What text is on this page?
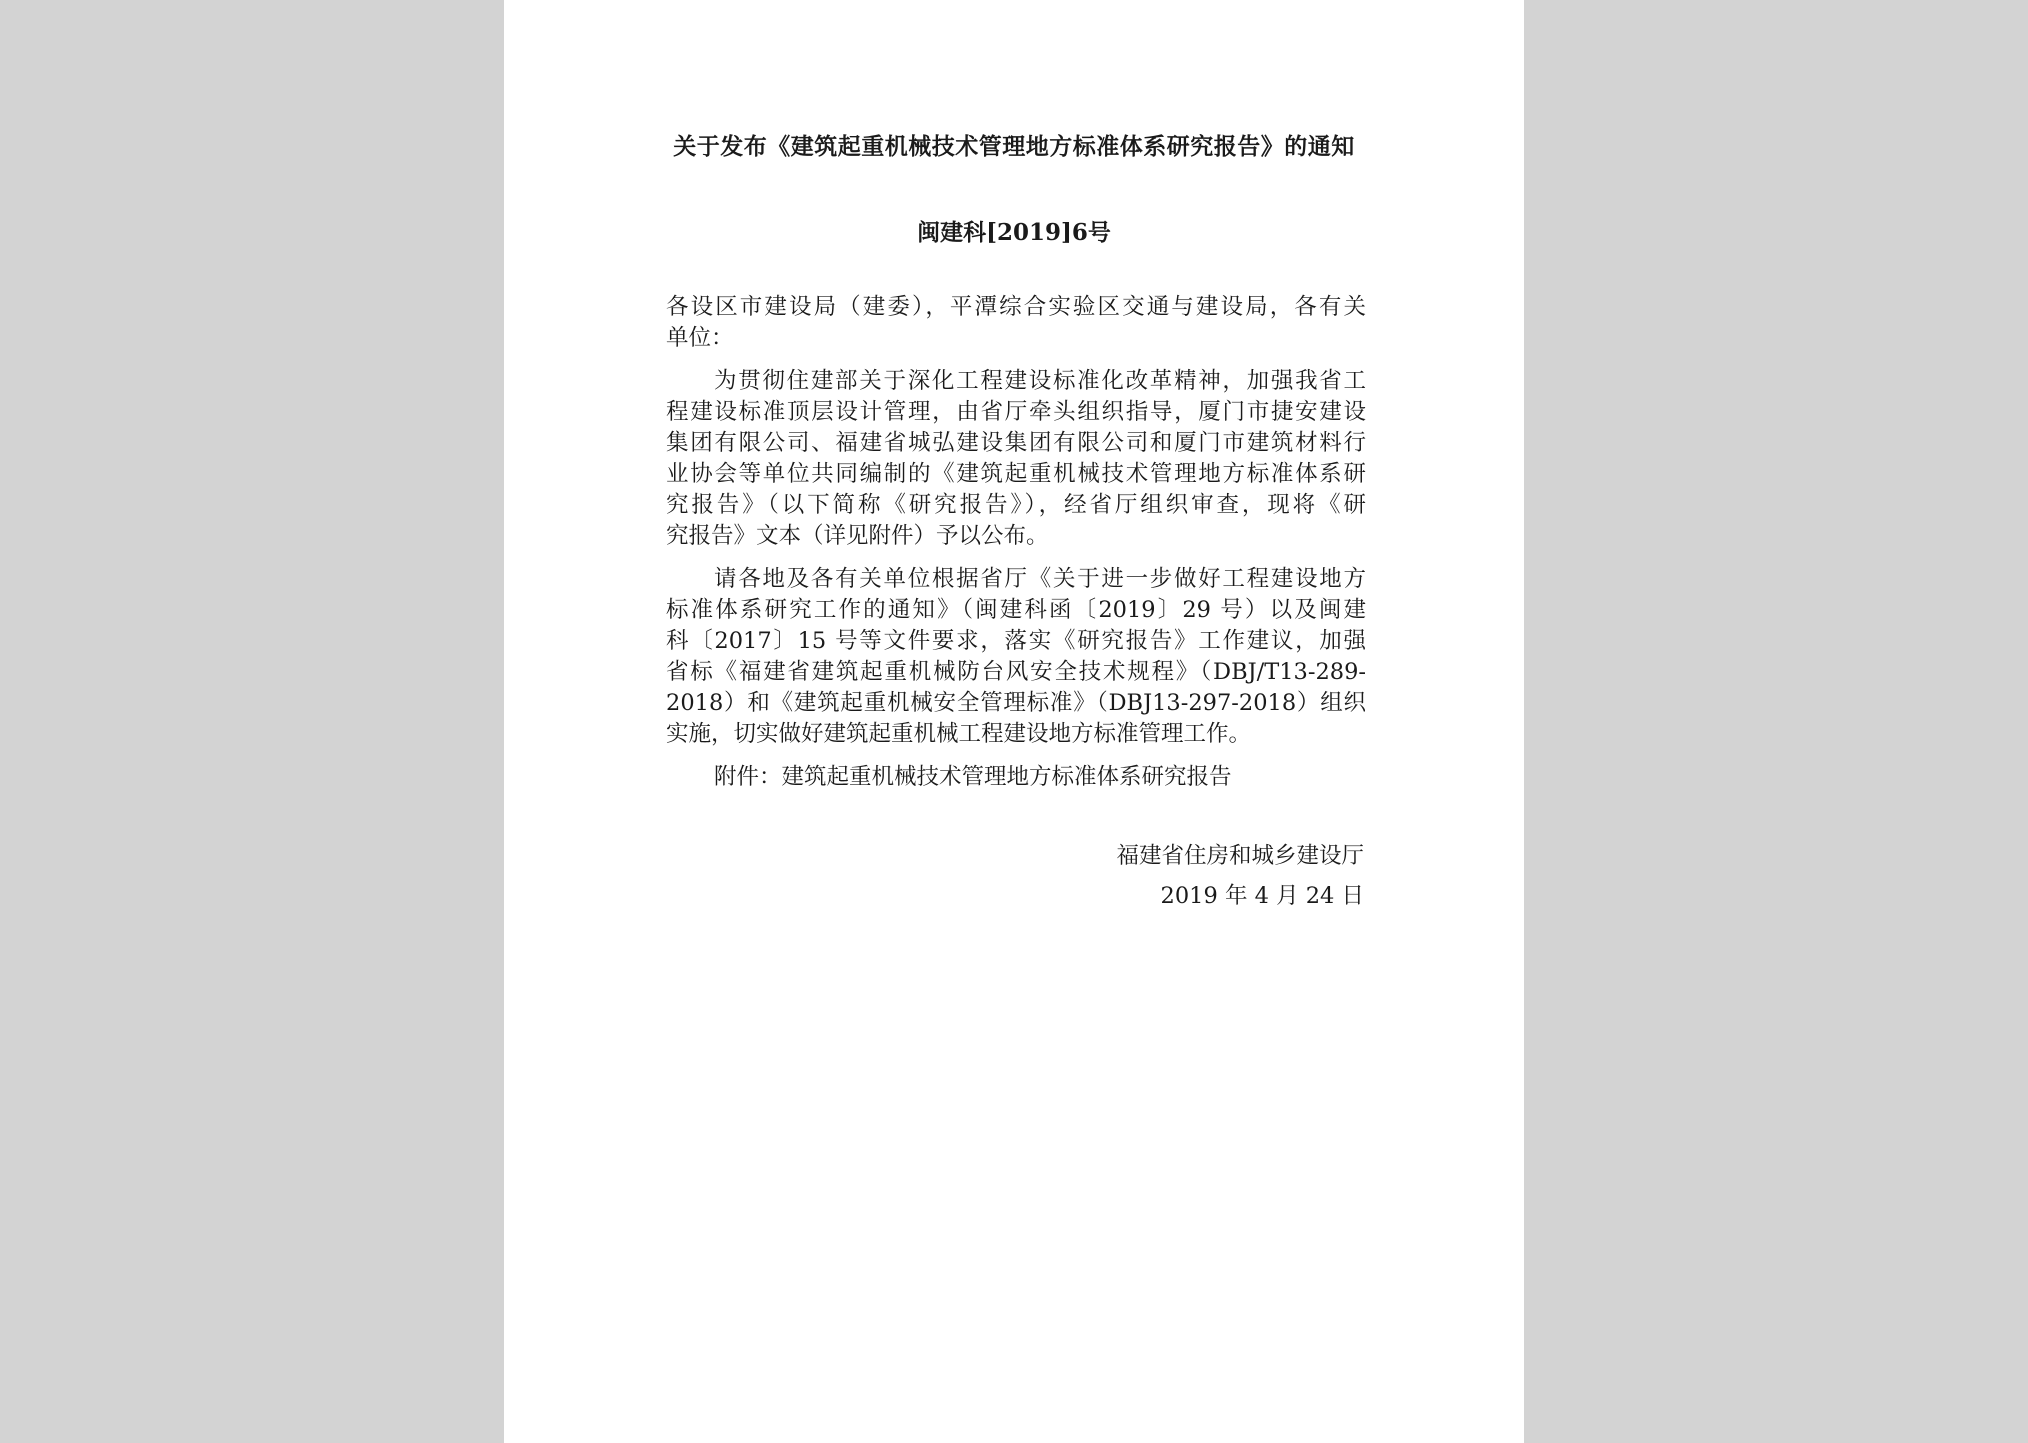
关于发布《建筑起重机械技术管理地方标准体系研究报告》的通知
闽建科[2019]6号
各设区市建设局（建委），平潭综合实验区交通与建设局，各有关
单位：
为贯彻住建部关于深化工程建设标准化改革精神，加强我省工
程建设标准顶层设计管理，由省厅牵头组织指导，厦门市捷安建设
集团有限公司、福建省城弘建设集团有限公司和厦门市建筑材料行
业协会等单位共同编制的《建筑起重机械技术管理地方标准体系研
究报告》（以下简称《研究报告》），经省厅组织审查，现将《研
究报告》文本（详见附件）予以公布。
请各地及各有关单位根据省厅《关于进一步做好工程建设地方
标准体系研究工作的通知》（闽建科函〔2019〕29 号）以及闽建
科〔2017〕15 号等文件要求，落实《研究报告》工作建议，加强
省标《福建省建筑起重机械防台风安全技术规程》（DBJ/T13-289-
2018）和《建筑起重机械安全管理标准》（DBJ13-297-2018）组织
实施，切实做好建筑起重机械工程建设地方标准管理工作。
附件：建筑起重机械技术管理地方标准体系研究报告
福建省住房和城乡建设厅
2019 年 4 月 24 日
